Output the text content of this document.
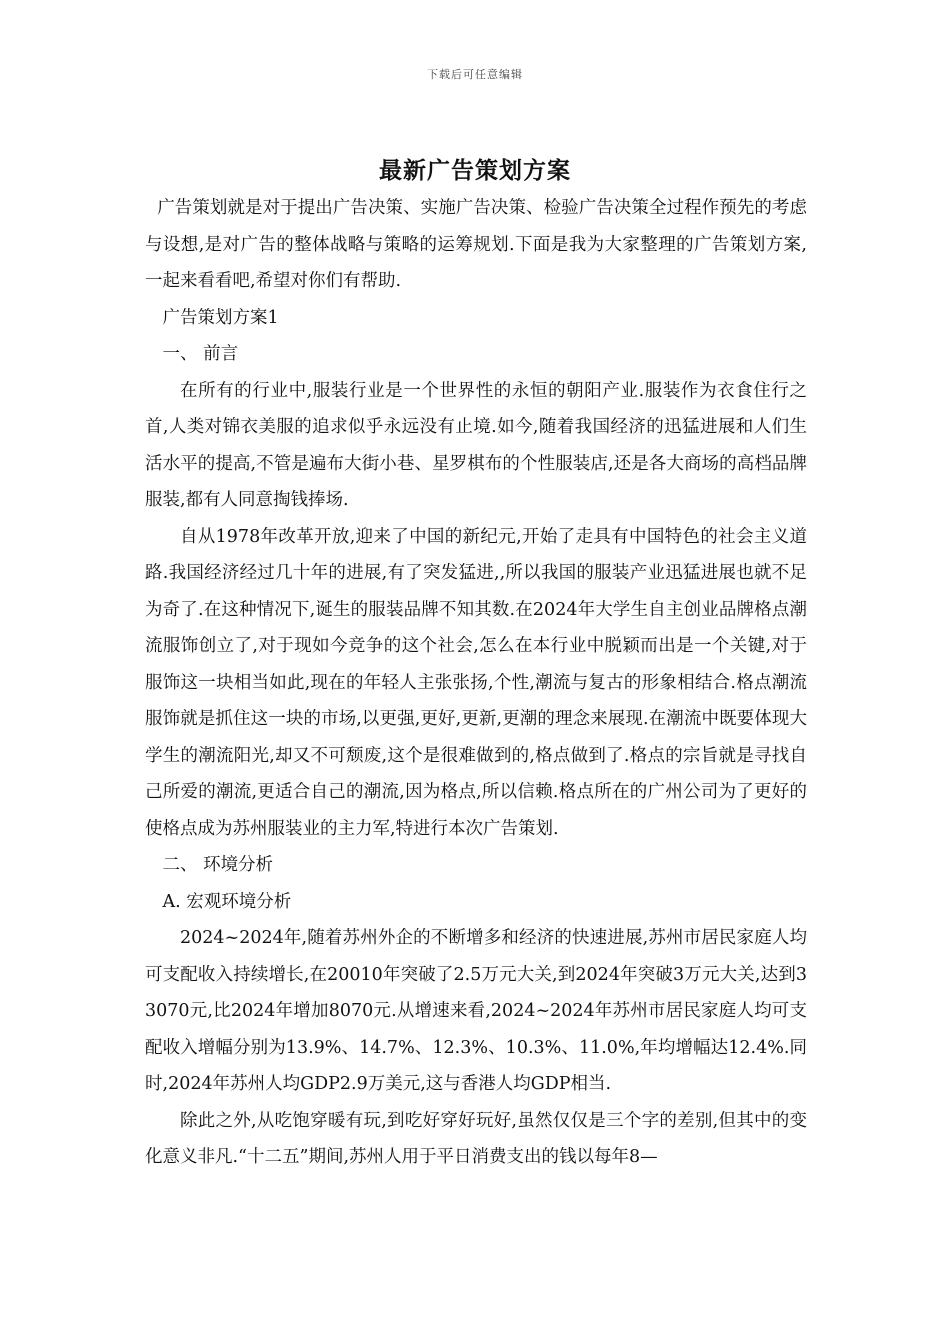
下载后可任意编辑
最新广告策划方案

广告策划就是对于提出广告决策、实施广告决策、检验广告决策全过程作预先的考虑与设想,是对广告的整体战略与策略的运筹规划.下面是我为大家整理的广告策划方案,一起来看看吧,希望对你们有帮助.

广告策划方案1

一、 前言

在所有的行业中,服装行业是一个世界性的永恒的朝阳产业.服装作为衣食住行之首,人类对锦衣美服的追求似乎永远没有止境.如今,随着我国经济的迅猛进展和人们生活水平的提高,不管是遍布大街小巷、星罗棋布的个性服装店,还是各大商场的高档品牌服装,都有人同意掏钱捧场.

自从1978年改革开放,迎来了中国的新纪元,开始了走具有中国特色的社会主义道路.我国经济经过几十年的进展,有了突发猛进,,所以我国的服装产业迅猛进展也就不足为奇了.在这种情况下,诞生的服装品牌不知其数.在2024年大学生自主创业品牌格点潮流服饰创立了,对于现如今竞争的这个社会,怎么在本行业中脱颖而出是一个关键,对于服饰这一块相当如此,现在的年轻人主张张扬,个性,潮流与复古的形象相结合.格点潮流服饰就是抓住这一块的市场,以更强,更好,更新,更潮的理念来展现.在潮流中既要体现大学生的潮流阳光,却又不可颓废,这个是很难做到的,格点做到了.格点的宗旨就是寻找自己所爱的潮流,更适合自己的潮流,因为格点,所以信赖.格点所在的广州公司为了更好的使格点成为苏州服装业的主力军,特进行本次广告策划.

二、 环境分析

A. 宏观环境分析

2024~2024年,随着苏州外企的不断增多和经济的快速进展,苏州市居民家庭人均可支配收入持续增长,在20010年突破了2.5万元大关,到2024年突破3万元大关,达到33070元,比2024年增加8070元.从增速来看,2024~2024年苏州市居民家庭人均可支配收入增幅分别为13.9%、14.7%、12.3%、10.3%、11.0%,年均增幅达12.4%.同时,2024年苏州人均GDP2.9万美元,这与香港人均GDP相当.

除此之外,从吃饱穿暖有玩,到吃好穿好玩好,虽然仅仅是三个字的差别,但其中的变化意义非凡.“十二五”期间,苏州人用于平日消费支出的钱以每年8—
